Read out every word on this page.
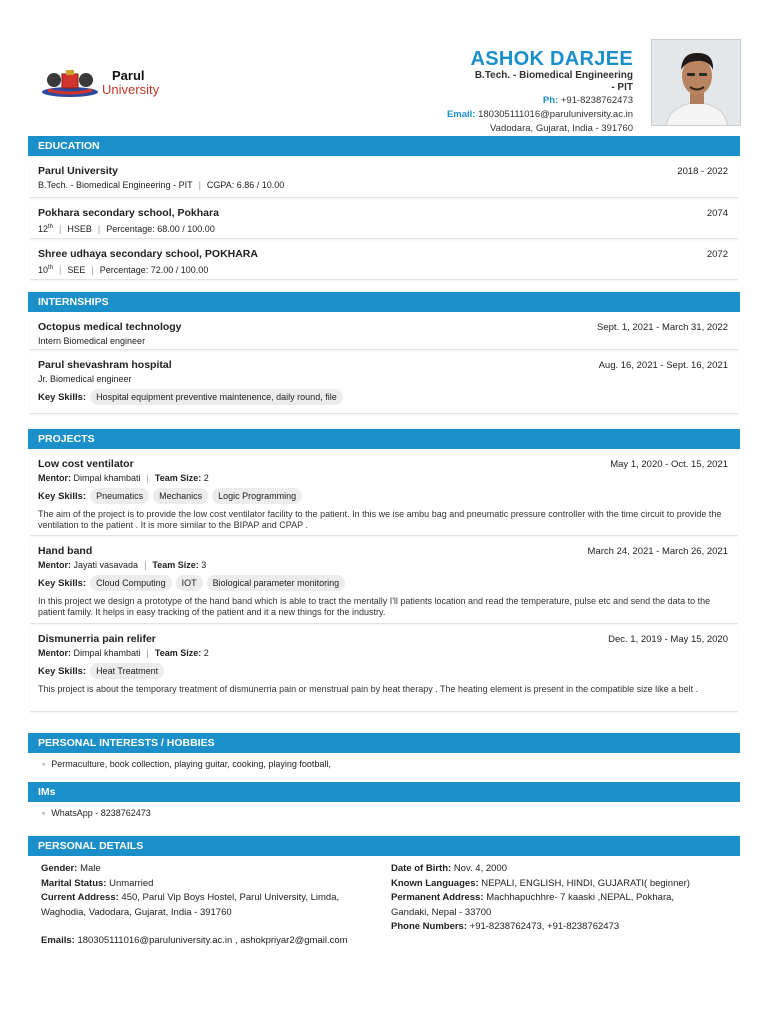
Parul
University
ASHOK DARJEE
B.Tech. - Biomedical Engineering
- PIT
Ph: +91-8238762473
Email: 180305111016@paruluniversity.ac.in
Vadodara, Gujarat, India - 391760
EDUCATION
Parul University	2018 - 2022
B.Tech. - Biomedical Engineering - PIT | CGPA: 6.86 / 10.00
Pokhara secondary school, Pokhara	2074
12th | HSEB | Percentage: 68.00 / 100.00
Shree udhaya secondary school, POKHARA	2072
10th | SEE | Percentage: 72.00 / 100.00
INTERNSHIPS
Octopus medical technology	Sept. 1, 2021 - March 31, 2022
Intern Biomedical engineer
Parul shevashram hospital	Aug. 16, 2021 - Sept. 16, 2021
Jr. Biomedical engineer
Key Skills: Hospital equipment preventive maintenence, daily round, file
PROJECTS
Low cost ventilator	May 1, 2020 - Oct. 15, 2021
Mentor: Dimpal khambati | Team Size: 2
Key Skills: Pneumatics Mechanics Logic Programming
The aim of the project is to provide the low cost ventilator facility to the patient. In this we ise ambu bag and pneumatic pressure controller with the time circuit to provide the ventilation to the patient . It is more similar to the BIPAP and CPAP .
Hand band	March 24, 2021 - March 26, 2021
Mentor: Jayati vasavada | Team Size: 3
Key Skills: Cloud Computing IOT Biological parameter monitoring
In this project we design a prototype of the hand band which is able to tract the mentally I'll patients location and read the temperature, pulse etc and send the data to the patient family. It helps in easy tracking of the patient and it a new things for the industry.
Dismunerria pain relifer	Dec. 1, 2019 - May 15, 2020
Mentor: Dimpal khambati | Team Size: 2
Key Skills: Heat Treatment
This project is about the temporary treatment of dismunerria pain or menstrual pain by heat therapy . The heating element is present in the compatible size like a belt .
PERSONAL INTERESTS / HOBBIES
◦ Permaculture, book collection, playing guitar, cooking, playing football,
IMs
◦ WhatsApp - 8238762473
PERSONAL DETAILS
Gender: Male
Marital Status: Unmarried
Current Address: 450, Parul Vip Boys Hostel, Parul University, Limda,
Waghodia, Vadodara, Gujarat, India - 391760
Emails: 180305111016@paruluniversity.ac.in , ashokpriyar2@gmail.com
Date of Birth: Nov. 4, 2000
Known Languages: NEPALI, ENGLISH, HINDI, GUJARATI( beginner)
Permanent Address: Machhapuchhre- 7 kaaski ,NEPAL, Pokhara,
Gandaki, Nepal - 33700
Phone Numbers: +91-8238762473, +91-8238762473
